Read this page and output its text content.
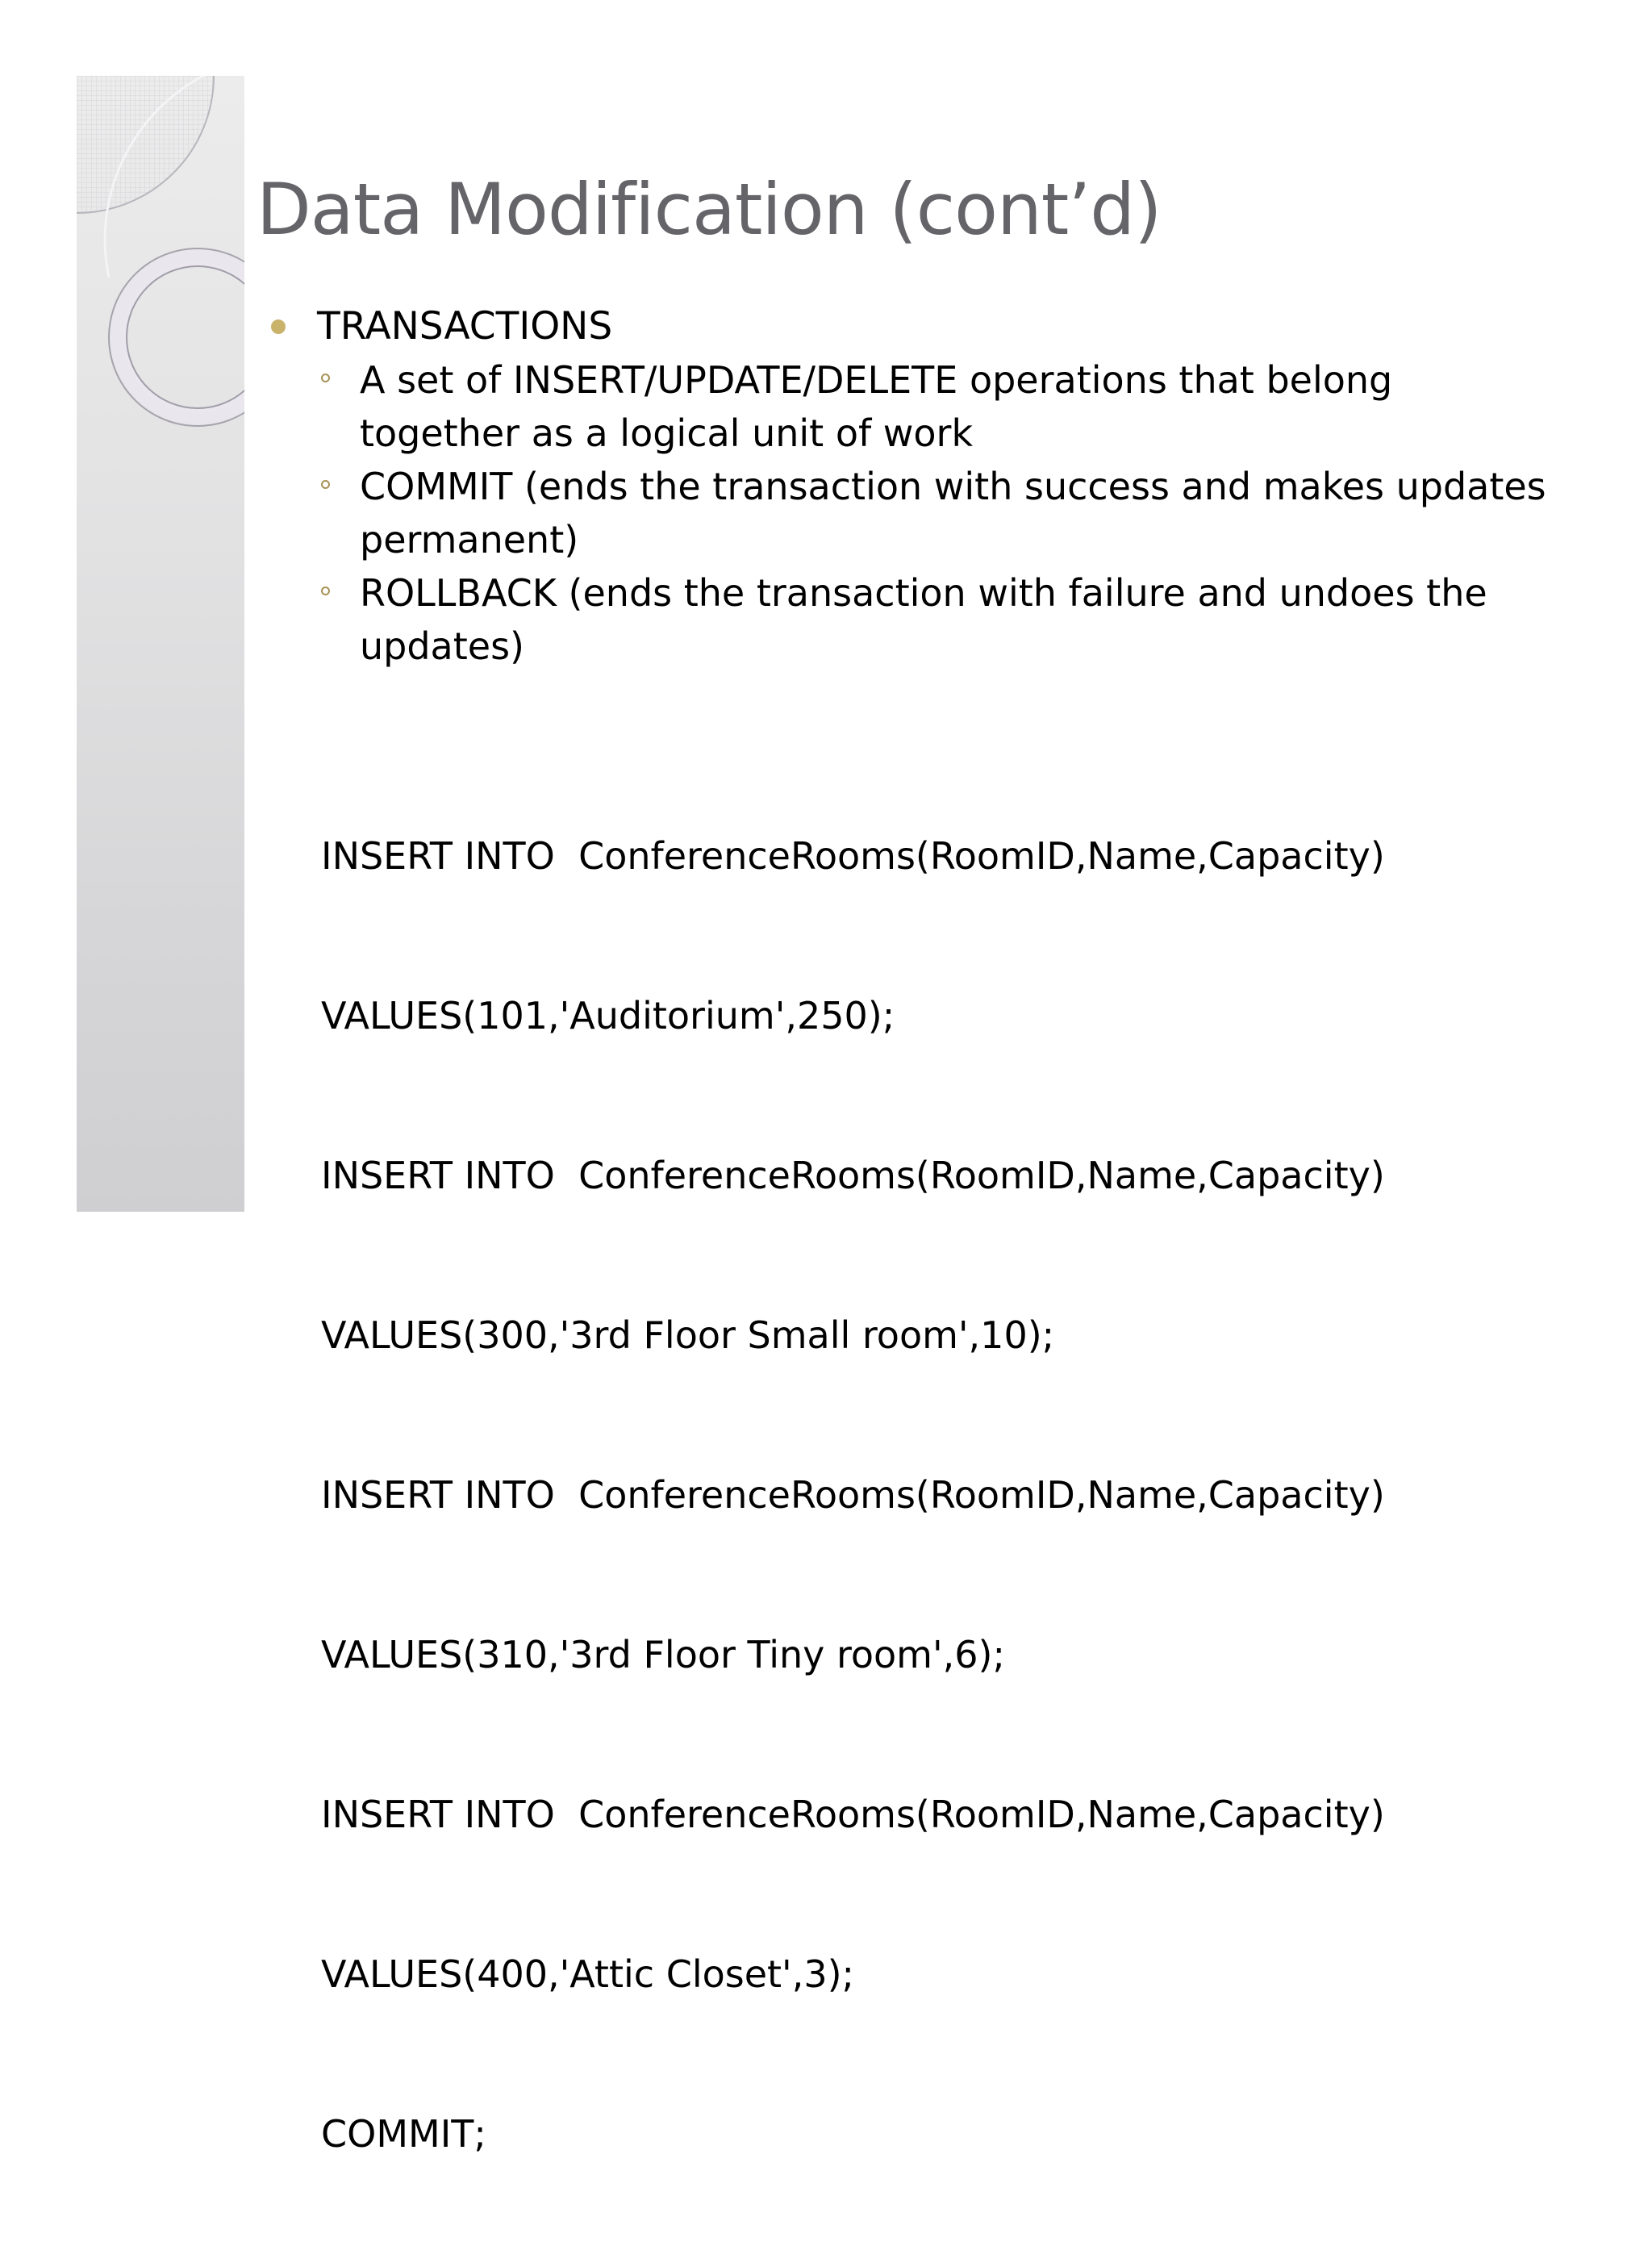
Data Modification (cont’d)
TRANSACTIONS
A set of INSERT/UPDATE/DELETE operations that belong together as a logical unit of work
COMMIT (ends the transaction with success and makes updates permanent)
ROLLBACK (ends the transaction with failure and undoes the updates)

INSERT INTO  ConferenceRooms(RoomID,Name,Capacity)

VALUES(101,'Auditorium',250);

INSERT INTO  ConferenceRooms(RoomID,Name,Capacity)

VALUES(300,'3rd Floor Small room',10);

INSERT INTO  ConferenceRooms(RoomID,Name,Capacity)

VALUES(310,'3rd Floor Tiny room',6);

INSERT INTO  ConferenceRooms(RoomID,Name,Capacity)

VALUES(400,'Attic Closet',3);

COMMIT;
